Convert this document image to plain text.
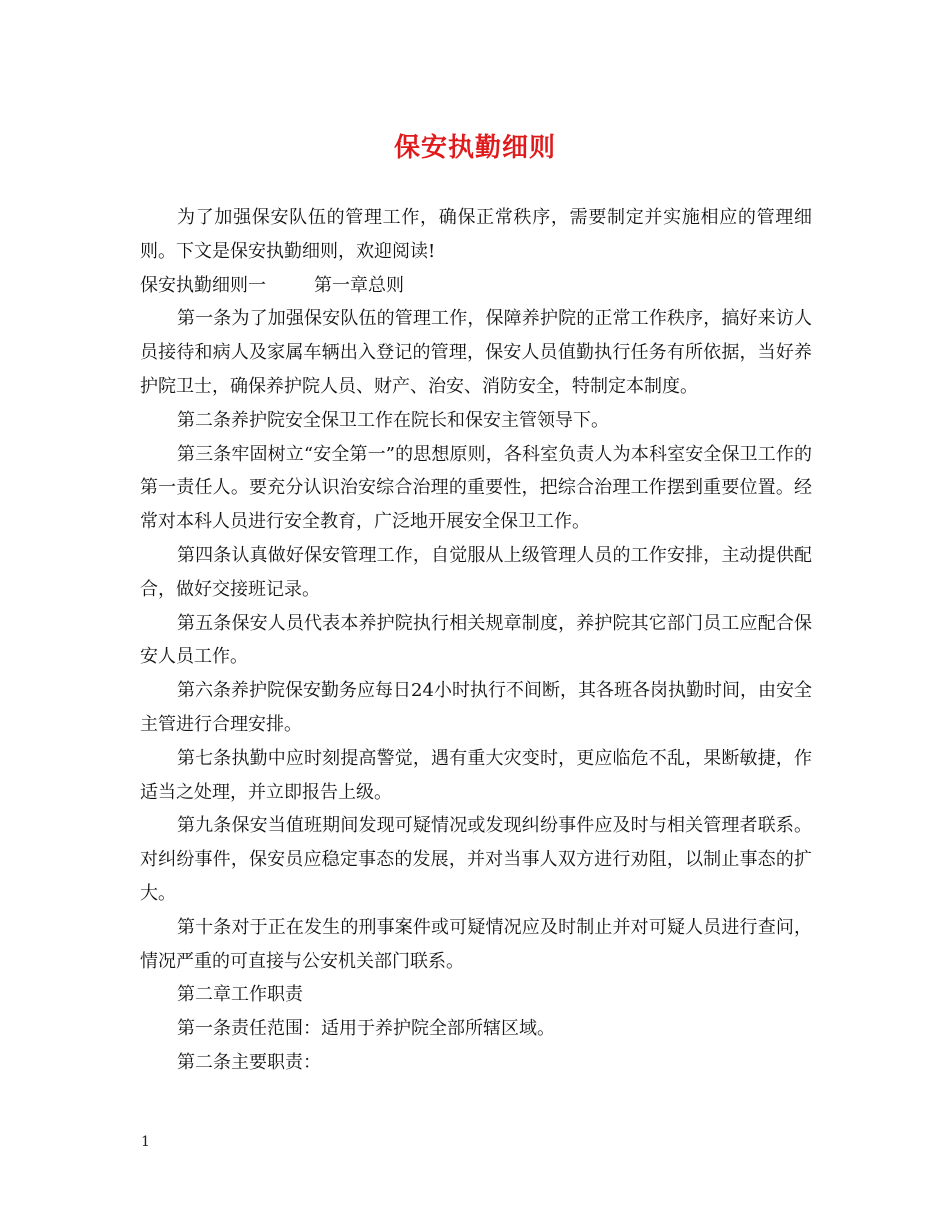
保安执勤细则

为了加强保安队伍的管理工作，确保正常秩序，需要制定并实施相应的管理细则。下文是保安执勤细则，欢迎阅读!

保安执勤细则一	第一章总则

第一条为了加强保安队伍的管理工作，保障养护院的正常工作秩序，搞好来访人员接待和病人及家属车辆出入登记的管理，保安人员值勤执行任务有所依据，当好养护院卫士，确保养护院人员、财产、治安、消防安全，特制定本制度。

第二条养护院安全保卫工作在院长和保安主管领导下。

第三条牢固树立“安全第一”的思想原则，各科室负责人为本科室安全保卫工作的第一责任人。要充分认识治安综合治理的重要性，把综合治理工作摆到重要位置。经常对本科人员进行安全教育，广泛地开展安全保卫工作。

第四条认真做好保安管理工作，自觉服从上级管理人员的工作安排，主动提供配合，做好交接班记录。

第五条保安人员代表本养护院执行相关规章制度，养护院其它部门员工应配合保安人员工作。

第六条养护院保安勤务应每日24小时执行不间断，其各班各岗执勤时间，由安全主管进行合理安排。

第七条执勤中应时刻提高警觉，遇有重大灾变时，更应临危不乱，果断敏捷，作适当之处理，并立即报告上级。

第九条保安当值班期间发现可疑情况或发现纠纷事件应及时与相关管理者联系。对纠纷事件，保安员应稳定事态的发展，并对当事人双方进行劝阻，以制止事态的扩大。

第十条对于正在发生的刑事案件或可疑情况应及时制止并对可疑人员进行查问，情况严重的可直接与公安机关部门联系。

第二章工作职责

第一条责任范围：适用于养护院全部所辖区域。

第二条主要职责：

1
